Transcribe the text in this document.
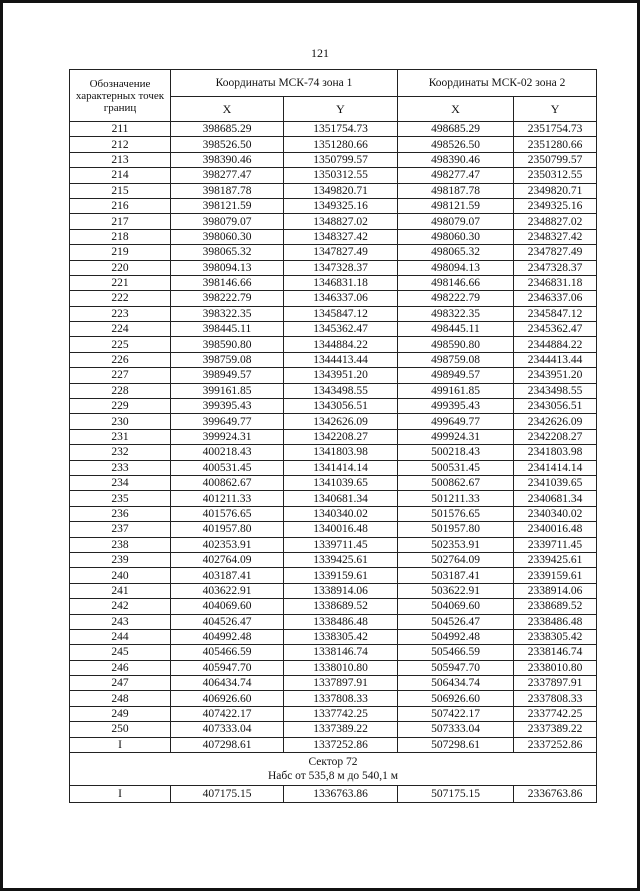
121
Обозначение характерных точек границ	Координаты МСК-74 зона 1		Координаты МСК-02 зона 2	
	X	Y	X	Y
211	398685.29	1351754.73	498685.29	2351754.73
212	398526.50	1351280.66	498526.50	2351280.66
213	398390.46	1350799.57	498390.46	2350799.57
214	398277.47	1350312.55	498277.47	2350312.55
215	398187.78	1349820.71	498187.78	2349820.71
216	398121.59	1349325.16	498121.59	2349325.16
217	398079.07	1348827.02	498079.07	2348827.02
218	398060.30	1348327.42	498060.30	2348327.42
219	398065.32	1347827.49	498065.32	2347827.49
220	398094.13	1347328.37	498094.13	2347328.37
221	398146.66	1346831.18	498146.66	2346831.18
222	398222.79	1346337.06	498222.79	2346337.06
223	398322.35	1345847.12	498322.35	2345847.12
224	398445.11	1345362.47	498445.11	2345362.47
225	398590.80	1344884.22	498590.80	2344884.22
226	398759.08	1344413.44	498759.08	2344413.44
227	398949.57	1343951.20	498949.57	2343951.20
228	399161.85	1343498.55	499161.85	2343498.55
229	399395.43	1343056.51	499395.43	2343056.51
230	399649.77	1342626.09	499649.77	2342626.09
231	399924.31	1342208.27	499924.31	2342208.27
232	400218.43	1341803.98	500218.43	2341803.98
233	400531.45	1341414.14	500531.45	2341414.14
234	400862.67	1341039.65	500862.67	2341039.65
235	401211.33	1340681.34	501211.33	2340681.34
236	401576.65	1340340.02	501576.65	2340340.02
237	401957.80	1340016.48	501957.80	2340016.48
238	402353.91	1339711.45	502353.91	2339711.45
239	402764.09	1339425.61	502764.09	2339425.61
240	403187.41	1339159.61	503187.41	2339159.61
241	403622.91	1338914.06	503622.91	2338914.06
242	404069.60	1338689.52	504069.60	2338689.52
243	404526.47	1338486.48	504526.47	2338486.48
244	404992.48	1338305.42	504992.48	2338305.42
245	405466.59	1338146.74	505466.59	2338146.74
246	405947.70	1338010.80	505947.70	2338010.80
247	406434.74	1337897.91	506434.74	2337897.91
248	406926.60	1337808.33	506926.60	2337808.33
249	407422.17	1337742.25	507422.17	2337742.25
250	407333.04	1337389.22	507333.04	2337389.22
I	407298.61	1337252.86	507298.61	2337252.86

Сектор 72
Набс от 535,8 м до 540,1 м				

I	407175.15	1336763.86	507175.15	2336763.86
